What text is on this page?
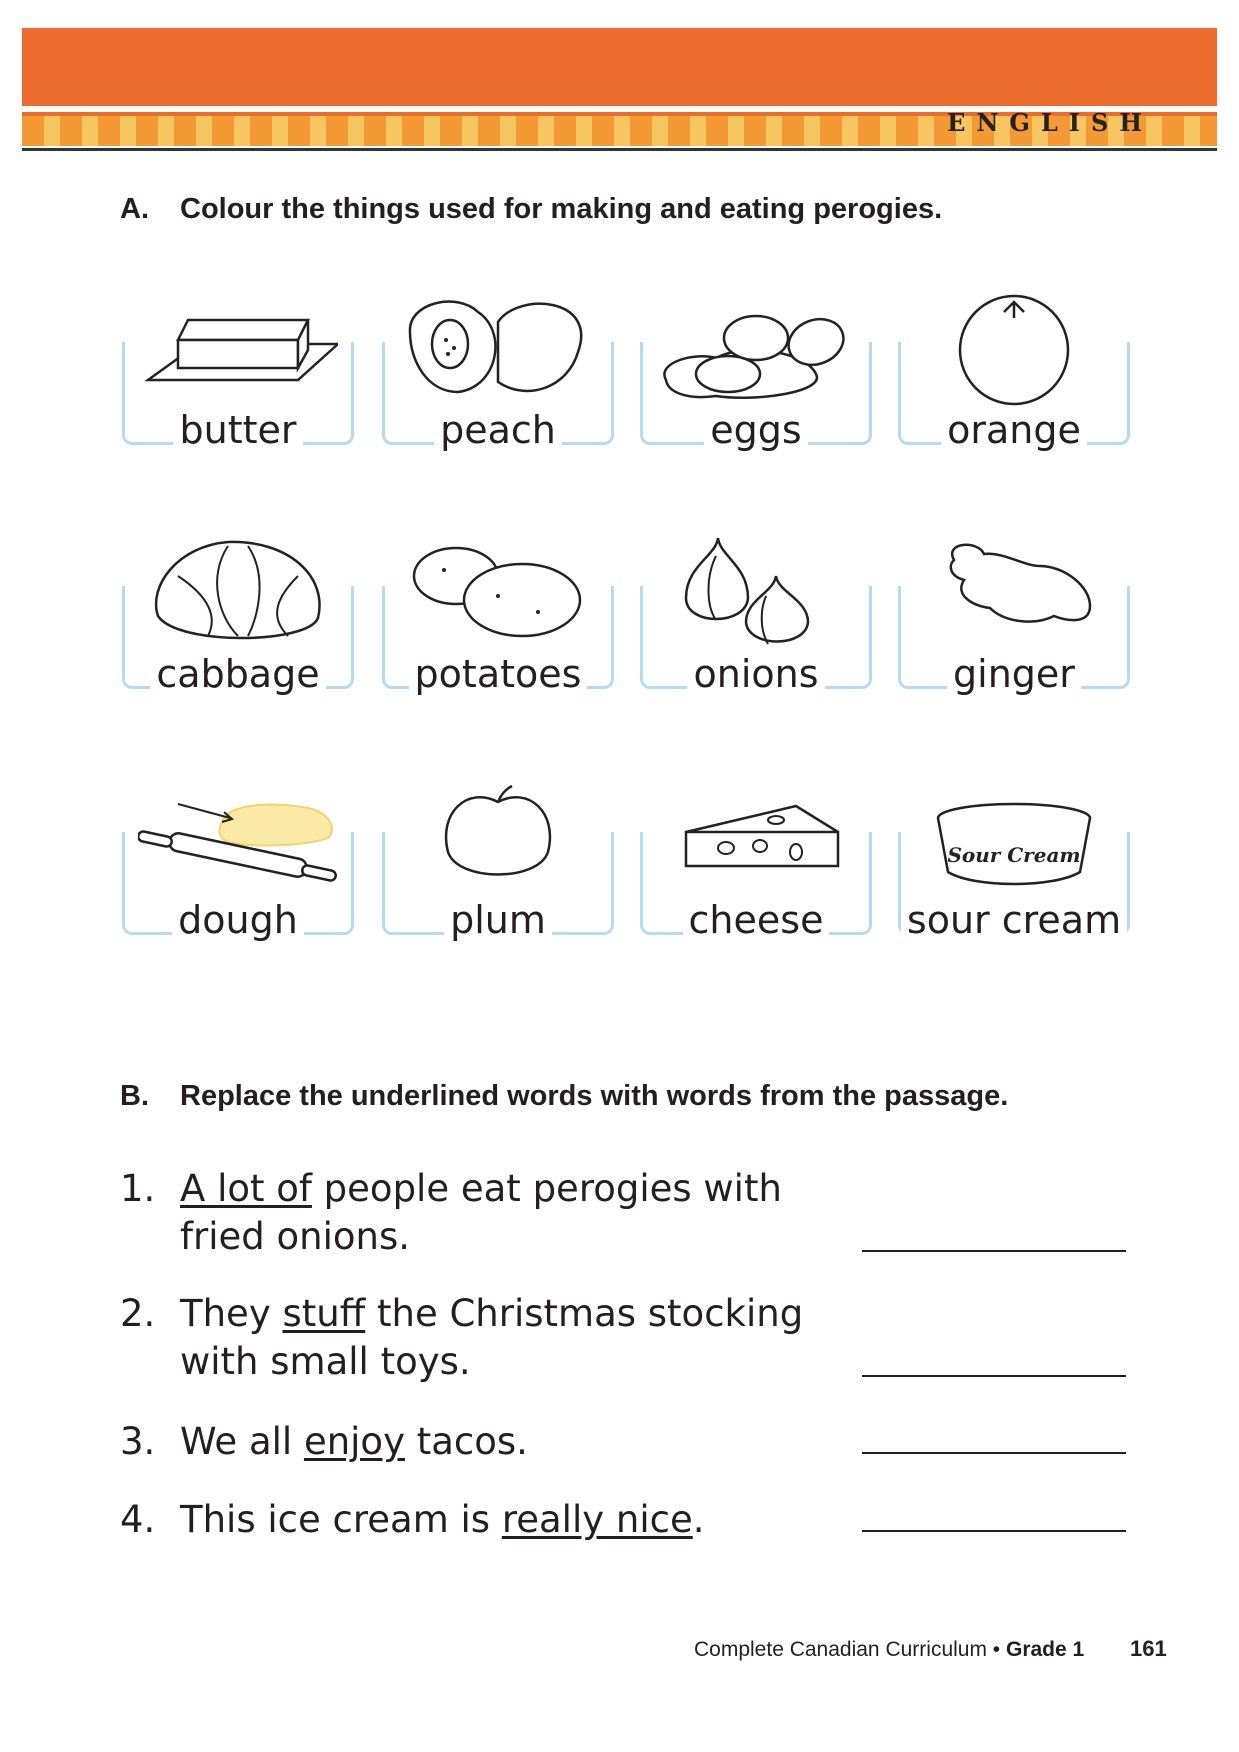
ENGLISH
A. Colour the things used for making and eating perogies.
butter	peach	eggs	orange
cabbage	potatoes	onions	ginger
dough	plum	cheese
Sour Cream
sour cream
B. Replace the underlined words with words from the passage.
1. A lot of people eat perogies with
fried onions.
2. They stuff the Christmas stocking
with small toys.
3. We all enjoy tacos.
4. This ice cream is really nice.
Complete Canadian Curriculum • Grade 1 161
